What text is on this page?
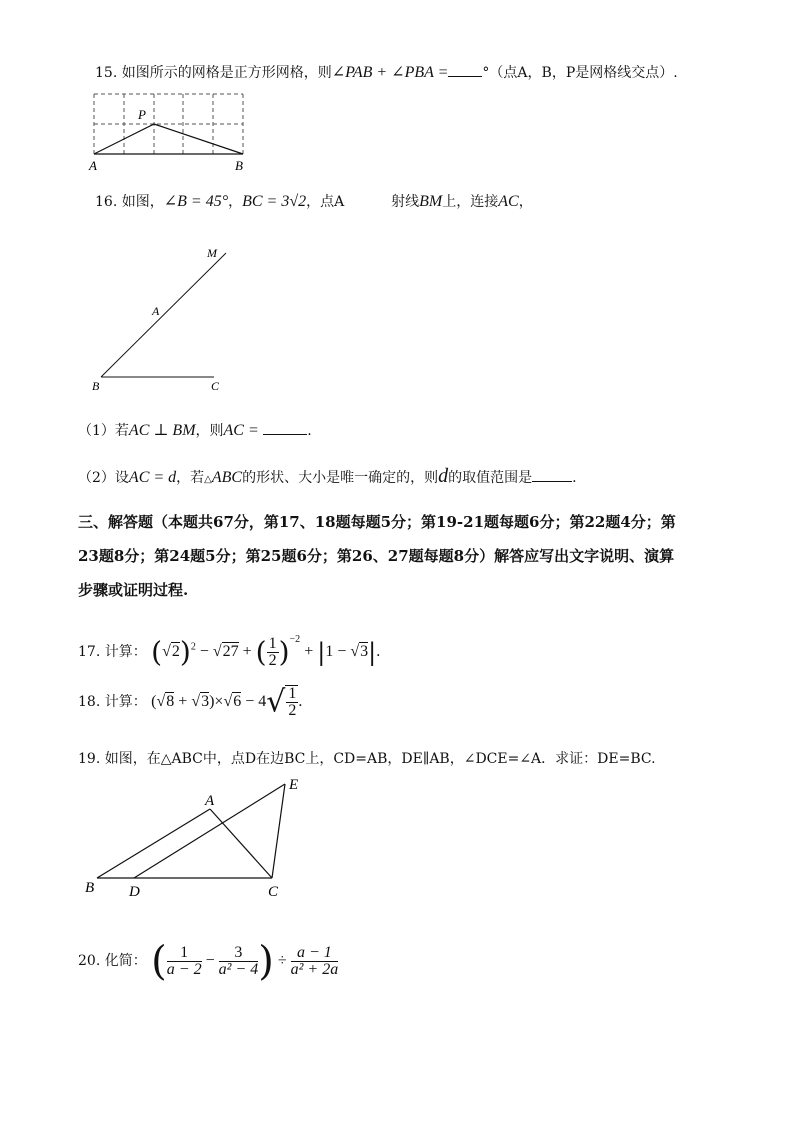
15. 如图所示的网格是正方形网格，则∠PAB + ∠PBA = °（点A，B，P是网格线交点）.
P
A	B
16. 如图，∠B = 45°，BC = 3√2，点A	射线BM上，连接AC，
M
A
B	C
（1）若AC ⊥ BM，则AC =	.
（2）设AC = d，若△ABC的形状、大小是唯一确定的，则d的取值范围是	.
三、解答题（本题共67分，第17、18题每题5分；第19-21题每题6分；第22题4分；第
23题8分；第24题5分；第25题6分；第26、27题每题8分）解答应写出文字说明、演算
步骤或证明过程.
17. 计算： $(√2)^2 - √27$ + ( $\frac{1}{2} )^{-2} + |1 - √3|$.
18. 计算： $(√8 + √3)\times√6 - 4√ \frac{1}{2}$ .
19. 如图，在△ABC中，点D在边BC上，CD=AB，DE∥AB，∠DCE=∠A．求证：DE=BC.
A
E
B D	C
20. 化简： ( $\frac{1}{a - 2} - \frac{3}{\text{a² − 4}}$ ) ÷ $\frac{a - 1}{\text{a² + 2a}}$
